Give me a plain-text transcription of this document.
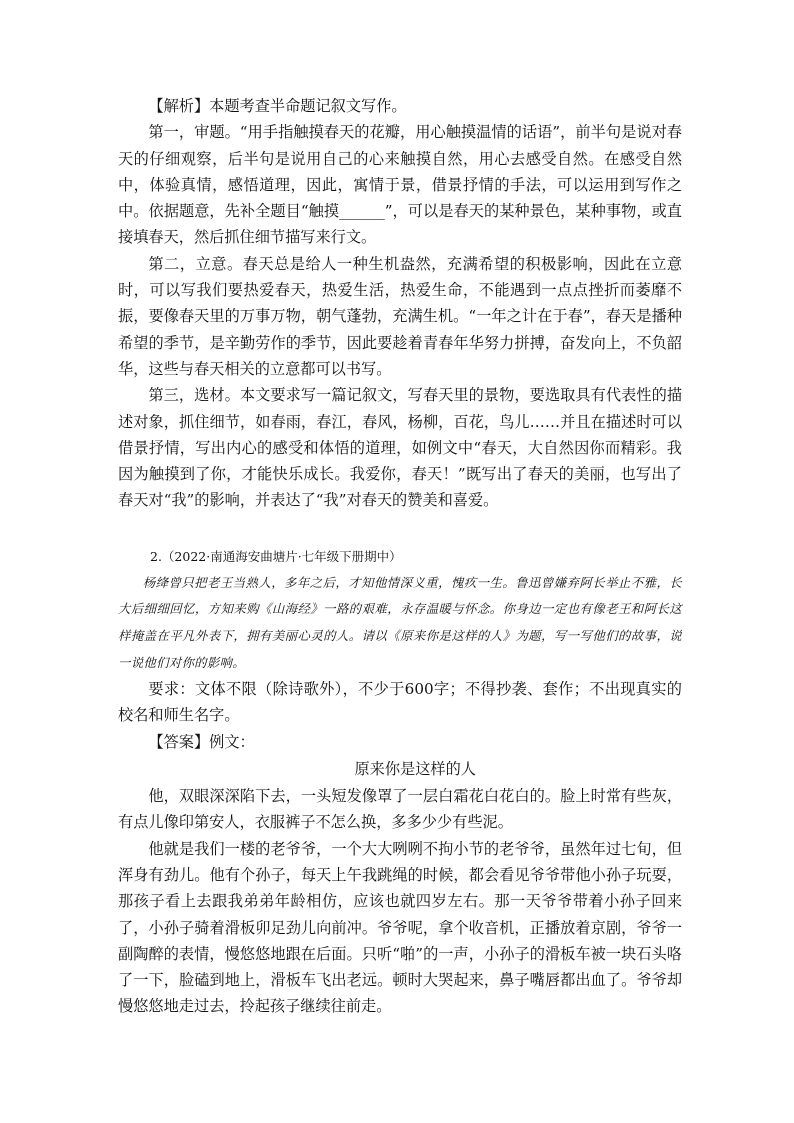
【解析】本题考查半命题记叙文写作。

第一，审题。“用手指触摸春天的花瓣，用心触摸温情的话语”，前半句是说对春天的仔细观察，后半句是说用自己的心来触摸自然，用心去感受自然。在感受自然中，体验真情，感悟道理，因此，寓情于景，借景抒情的手法，可以运用到写作之中。依据题意，先补全题目“触摸______”，可以是春天的某种景色，某种事物，或直接填春天，然后抓住细节描写来行文。

第二，立意。春天总是给人一种生机盎然，充满希望的积极影响，因此在立意时，可以写我们要热爱春天，热爱生活，热爱生命，不能遇到一点点挫折而萎靡不振，要像春天里的万事万物，朝气蓬勃，充满生机。“一年之计在于春”，春天是播种希望的季节，是辛勤劳作的季节，因此要趁着青春年华努力拼搏，奋发向上，不负韶华，这些与春天相关的立意都可以书写。

第三，选材。本文要求写一篇记叙文，写春天里的景物，要选取具有代表性的描述对象，抓住细节，如春雨，春江，春风，杨柳，百花，鸟儿……并且在描述时可以借景抒情，写出内心的感受和体悟的道理，如例文中“春天，大自然因你而精彩。我因为触摸到了你，才能快乐成长。我爱你，春天！”既写出了春天的美丽，也写出了春天对“我”的影响，并表达了“我”对春天的赞美和喜爱。

2.（2022·南通海安曲塘片·七年级下册期中）

杨绛曾只把老王当熟人，多年之后，才知他情深义重，愧疚一生。鲁迅曾嫌弃阿长举止不雅，长大后细细回忆，方知来购《山海经》一路的艰难，永存温暖与怀念。你身边一定也有像老王和阿长这样掩盖在平凡外表下，拥有美丽心灵的人。请以《原来你是这样的人》为题，写一写他们的故事，说一说他们对你的影响。

要求：文体不限（除诗歌外），不少于600字；不得抄袭、套作；不出现真实的校名和师生名字。

【答案】例文：

原来你是这样的人

他，双眼深深陷下去，一头短发像罩了一层白霜花白花白的。脸上时常有些灰，有点儿像印第安人，衣服裤子不怎么换，多多少少有些泥。

他就是我们一楼的老爷爷，一个大大咧咧不拘小节的老爷爷，虽然年过七旬，但浑身有劲儿。他有个孙子，每天上午我跳绳的时候，都会看见爷爷带他小孙子玩耍，那孩子看上去跟我弟弟年龄相仿，应该也就四岁左右。那一天爷爷带着小孙子回来了，小孙子骑着滑板卯足劲儿向前冲。爷爷呢，拿个收音机，正播放着京剧，爷爷一副陶醉的表情，慢悠悠地跟在后面。只听“啪”的一声，小孙子的滑板车被一块石头咯了一下，脸磕到地上，滑板车飞出老远。顿时大哭起来，鼻子嘴唇都出血了。爷爷却慢悠悠地走过去，拎起孩子继续往前走。
